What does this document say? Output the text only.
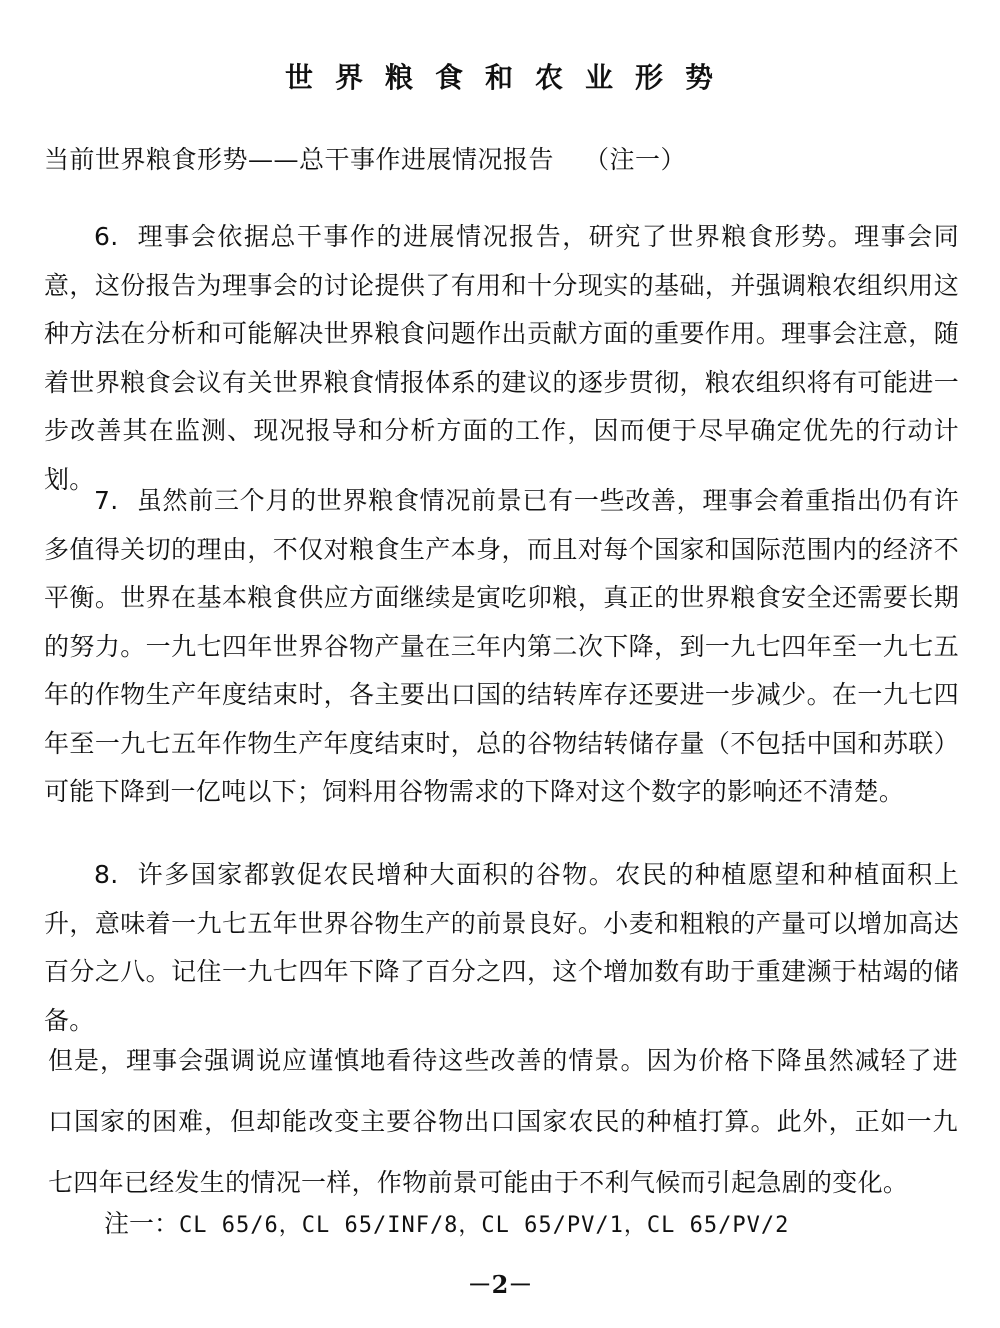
世界粮食和农业形势
当前世界粮食形势——总干事作进展情况报告 （注一）

6. 理事会依据总干事作的进展情况报告，研究了世界粮食形势。理事会同意，这份报告为理事会的讨论提供了有用和十分现实的基础，并强调粮农组织用这种方法在分析和可能解决世界粮食问题作出贡献方面的重要作用。理事会注意，随着世界粮食会议有关世界粮食情报体系的建议的逐步贯彻，粮农组织将有可能进一步改善其在监测、现况报导和分析方面的工作，因而便于尽早确定优先的行动计划。

7. 虽然前三个月的世界粮食情况前景已有一些改善，理事会着重指出仍有许多值得关切的理由，不仅对粮食生产本身，而且对每个国家和国际范围内的经济不平衡。世界在基本粮食供应方面继续是寅吃卯粮，真正的世界粮食安全还需要长期的努力。一九七四年世界谷物产量在三年内第二次下降，到一九七四年至一九七五年的作物生产年度结束时，各主要出口国的结转库存还要进一步减少。在一九七四年至一九七五年作物生产年度结束时，总的谷物结转储存量（不包括中国和苏联）可能下降到一亿吨以下；饲料用谷物需求的下降对这个数字的影响还不清楚。

8. 许多国家都敦促农民增种大面积的谷物。农民的种植愿望和种植面积上升，意味着一九七五年世界谷物生产的前景良好。小麦和粗粮的产量可以增加高达百分之八。记住一九七四年下降了百分之四，这个增加数有助于重建濒于枯竭的储备。

但是，理事会强调说应谨慎地看待这些改善的情景。因为价格下降虽然减轻了进口国家的困难，但却能改变主要谷物出口国家农民的种植打算。此外，正如一九七四年已经发生的情况一样，作物前景可能由于不利气候而引起急剧的变化。

注一：CL 65/6，CL 65/INF/8，CL 65/PV/1，CL 65/PV/2
－2－
